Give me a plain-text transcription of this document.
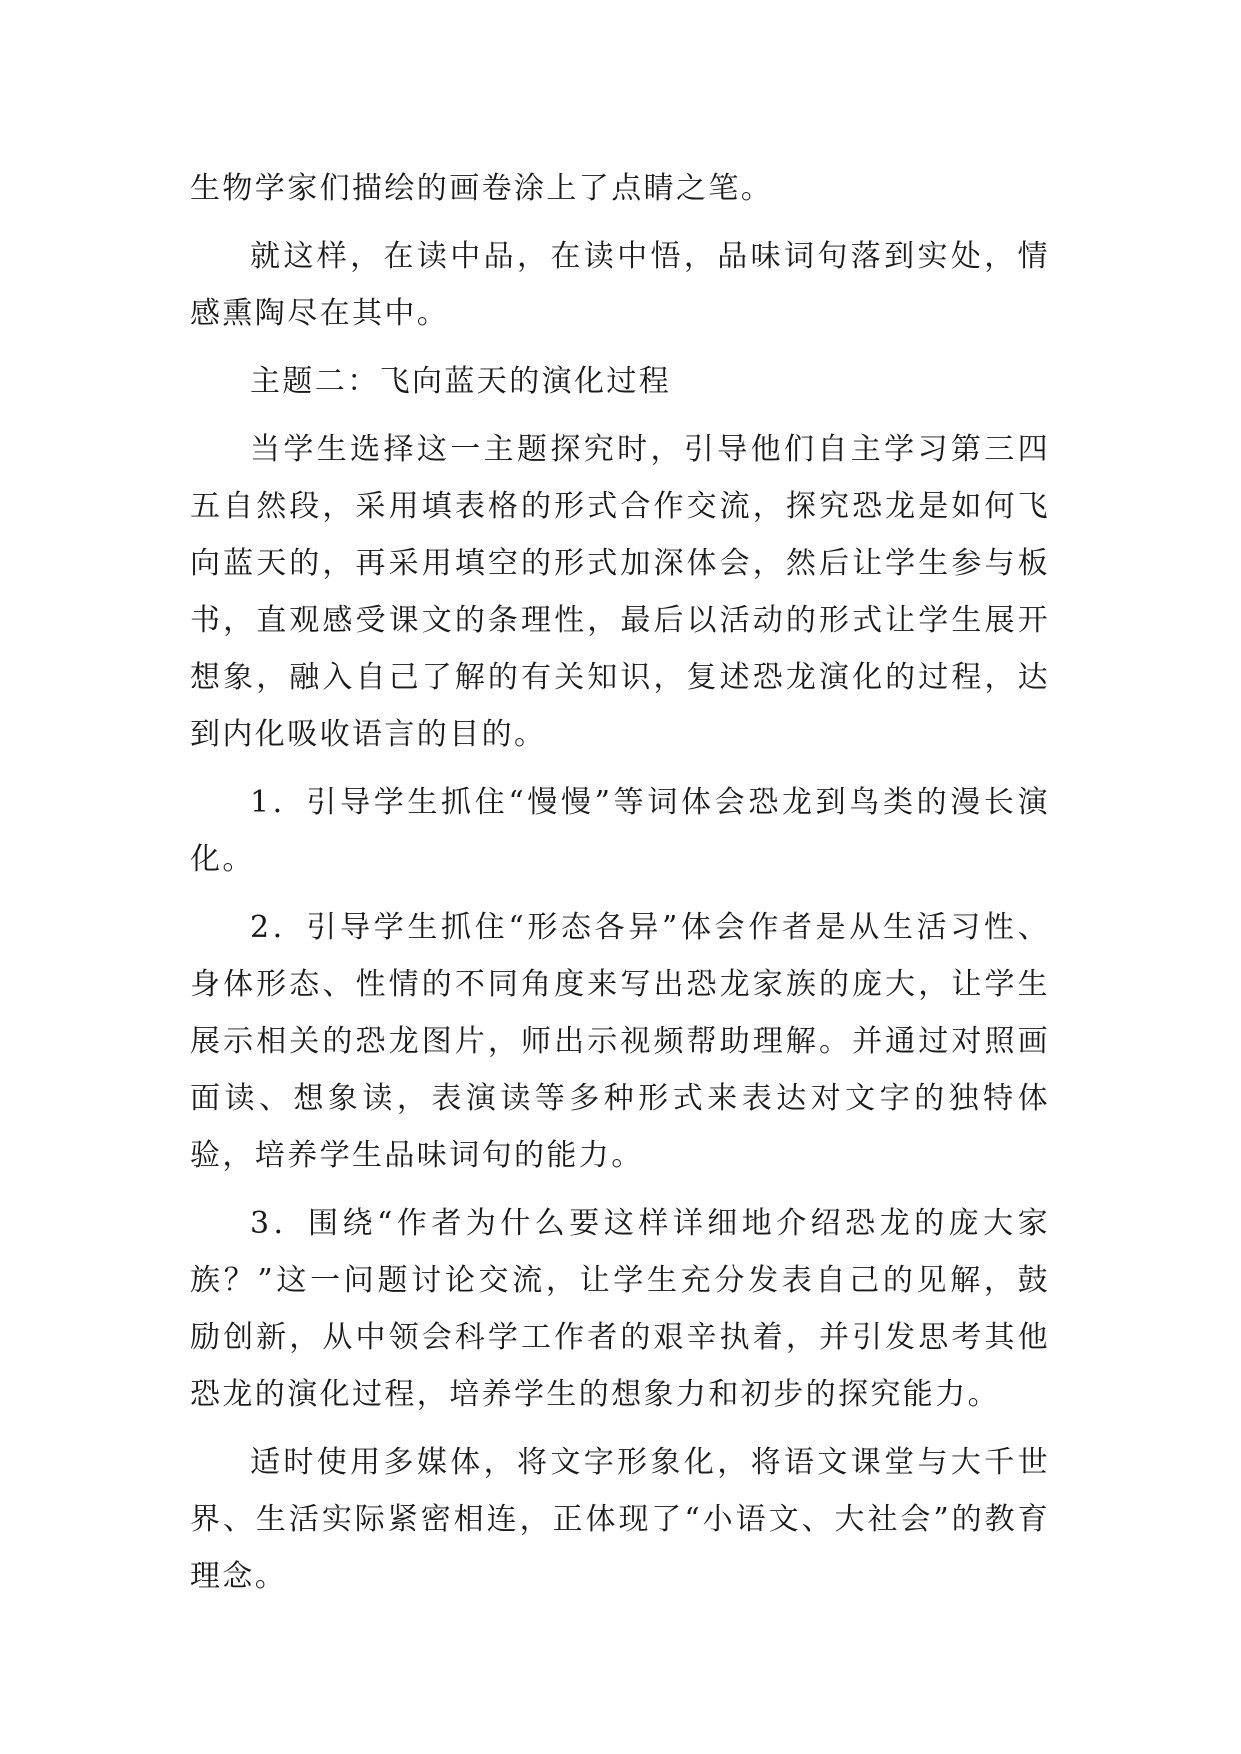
生物学家们描绘的画卷涂上了点睛之笔。

就这样，在读中品，在读中悟，品味词句落到实处，情感熏陶尽在其中。

主题二：飞向蓝天的演化过程

当学生选择这一主题探究时，引导他们自主学习第三四五自然段，采用填表格的形式合作交流，探究恐龙是如何飞向蓝天的，再采用填空的形式加深体会，然后让学生参与板书，直观感受课文的条理性，最后以活动的形式让学生展开想象，融入自己了解的有关知识，复述恐龙演化的过程，达到内化吸收语言的目的。

1．引导学生抓住“慢慢”等词体会恐龙到鸟类的漫长演化。

2．引导学生抓住“形态各异”体会作者是从生活习性、身体形态、性情的不同角度来写出恐龙家族的庞大，让学生展示相关的恐龙图片，师出示视频帮助理解。并通过对照画面读、想象读，表演读等多种形式来表达对文字的独特体验，培养学生品味词句的能力。

3．围绕“作者为什么要这样详细地介绍恐龙的庞大家族？”这一问题讨论交流，让学生充分发表自己的见解，鼓励创新，从中领会科学工作者的艰辛执着，并引发思考其他恐龙的演化过程，培养学生的想象力和初步的探究能力。

适时使用多媒体，将文字形象化，将语文课堂与大千世界、生活实际紧密相连，正体现了“小语文、大社会”的教育理念。
